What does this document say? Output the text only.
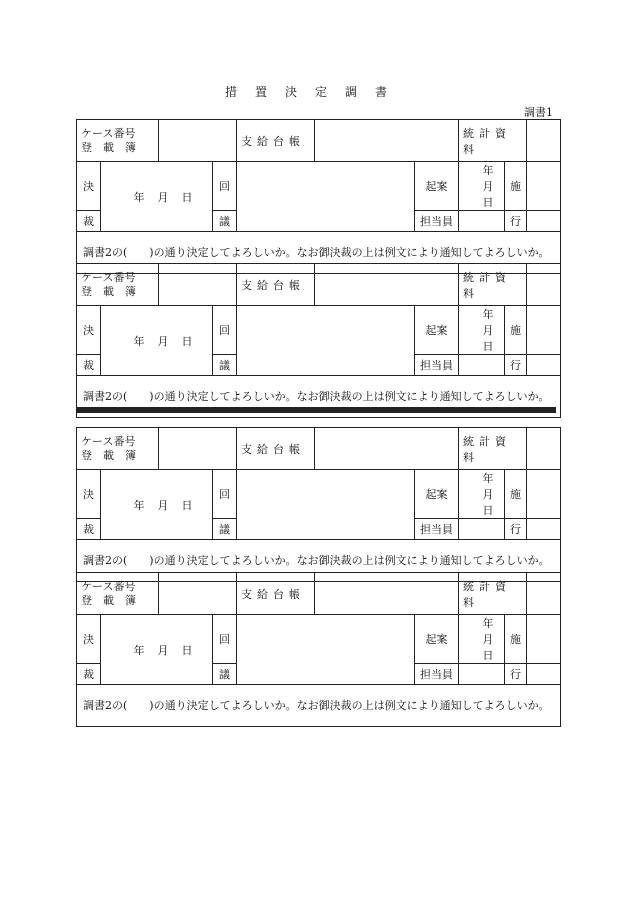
措置決定調書
調書1
ケース番号
登　載　簿				支給台帳			統計資料		
決	年 月 日		回			起案	年月日	施	
裁			議			担当員		行	
調書2の(　　)の通り決定してよろしいか。なお御決裁の上は例文により通知してよろしいか。									
ケース番号
登　載　簿				支給台帳			統計資料		
決	年 月 日		回			起案	年月日	施	
裁			議			担当員		行	
調書2の(　　)の通り決定してよろしいか。なお御決裁の上は例文により通知してよろしいか。									
ケース番号
登　載　簿				支給台帳			統計資料		
決	年 月 日		回			起案	年月日	施	
裁			議			担当員		行	
調書2の(　　)の通り決定してよろしいか。なお御決裁の上は例文により通知してよろしいか。									
ケース番号
登　載　簿				支給台帳			統計資料		
決	年 月 日		回			起案	年月日	施	
裁			議			担当員		行	
調書2の(　　)の通り決定してよろしいか。なお御決裁の上は例文により通知してよろしいか。									
